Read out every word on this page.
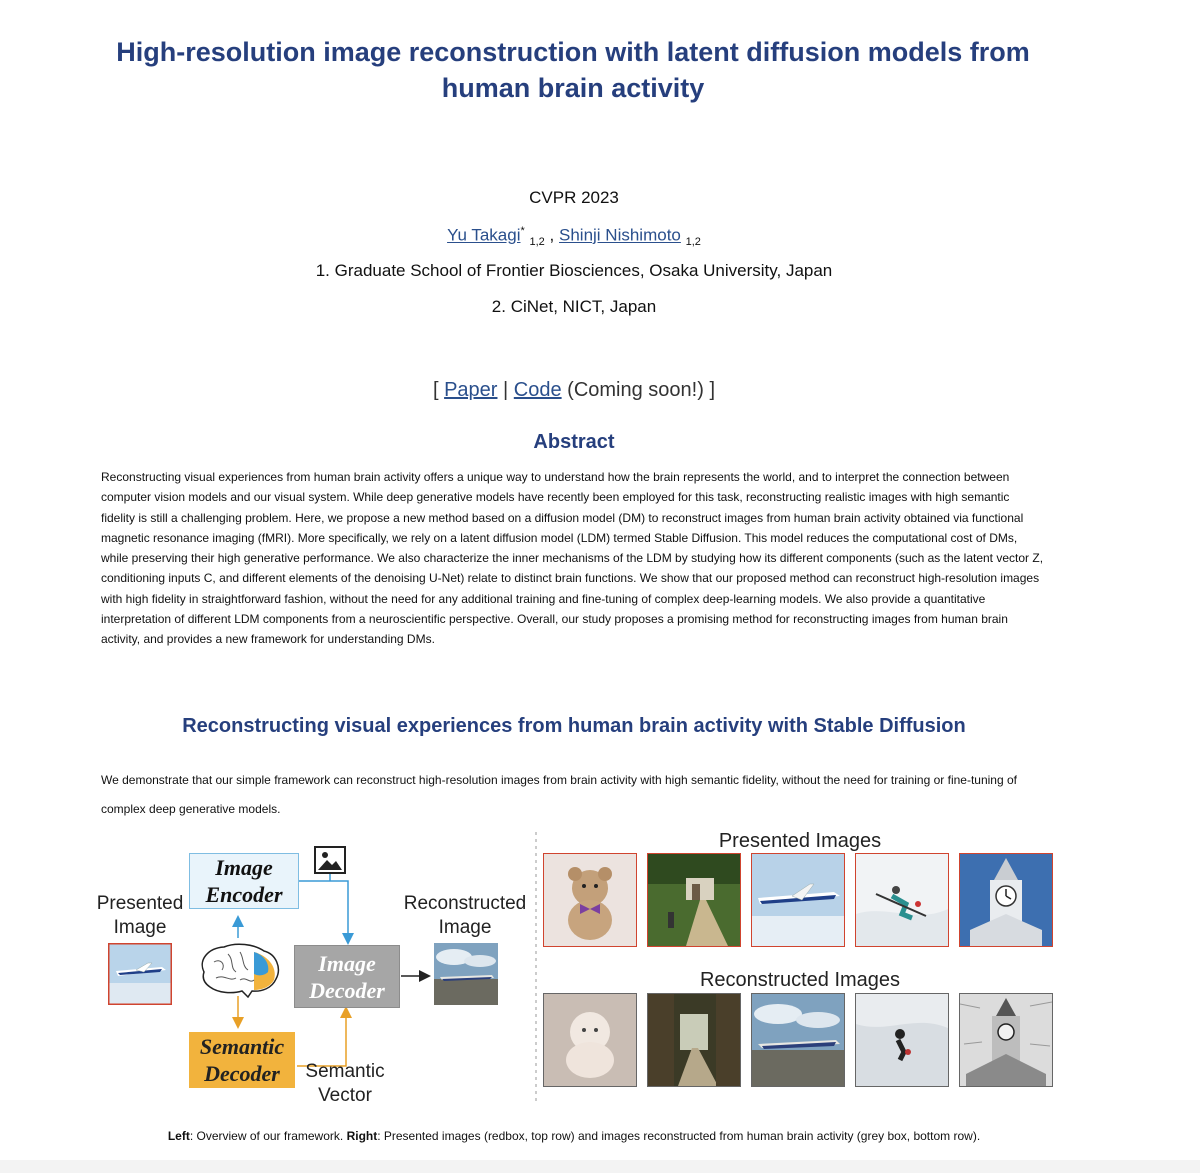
High-resolution image reconstruction with latent diffusion models from human brain activity
CVPR 2023
Yu Takagi* $_{1,2}$ , Shinji Nishimoto $_{1,2}$
1. Graduate School of Frontier Biosciences, Osaka University, Japan
2. CiNet, NICT, Japan
[ Paper | Code (Coming soon!) ]
Abstract

Reconstructing visual experiences from human brain activity offers a unique way to understand how the brain represents the world, and to interpret the connection between computer vision models and our visual system. While deep generative models have recently been employed for this task, reconstructing realistic images with high semantic fidelity is still a challenging problem. Here, we propose a new method based on a diffusion model (DM) to reconstruct images from human brain activity obtained via functional magnetic resonance imaging (fMRI). More specifically, we rely on a latent diffusion model (LDM) termed Stable Diffusion. This model reduces the computational cost of DMs, while preserving their high generative performance. We also characterize the inner mechanisms of the LDM by studying how its different components (such as the latent vector Z, conditioning inputs C, and different elements of the denoising U-Net) relate to distinct brain functions. We show that our proposed method can reconstruct high-resolution images with high fidelity in straightforward fashion, without the need for any additional training and fine-tuning of complex deep-learning models. We also provide a quantitative interpretation of different LDM components from a neuroscientific perspective. Overall, our study proposes a promising method for reconstructing images from human brain activity, and provides a new framework for understanding DMs.

Reconstructing visual experiences from human brain activity with Stable Diffusion

We demonstrate that our simple framework can reconstruct high-resolution images from brain activity with high semantic fidelity, without the need for training or fine-tuning of complex deep generative models.

Presented Image
Reconstructed Image
Semantic Vector
Image Encoder
Image Decoder
Semantic Decoder
Presented Images
Reconstructed Images
Left: Overview of our framework. Right: Presented images (redbox, top row) and images reconstructed from human brain activity (grey box, bottom row).
